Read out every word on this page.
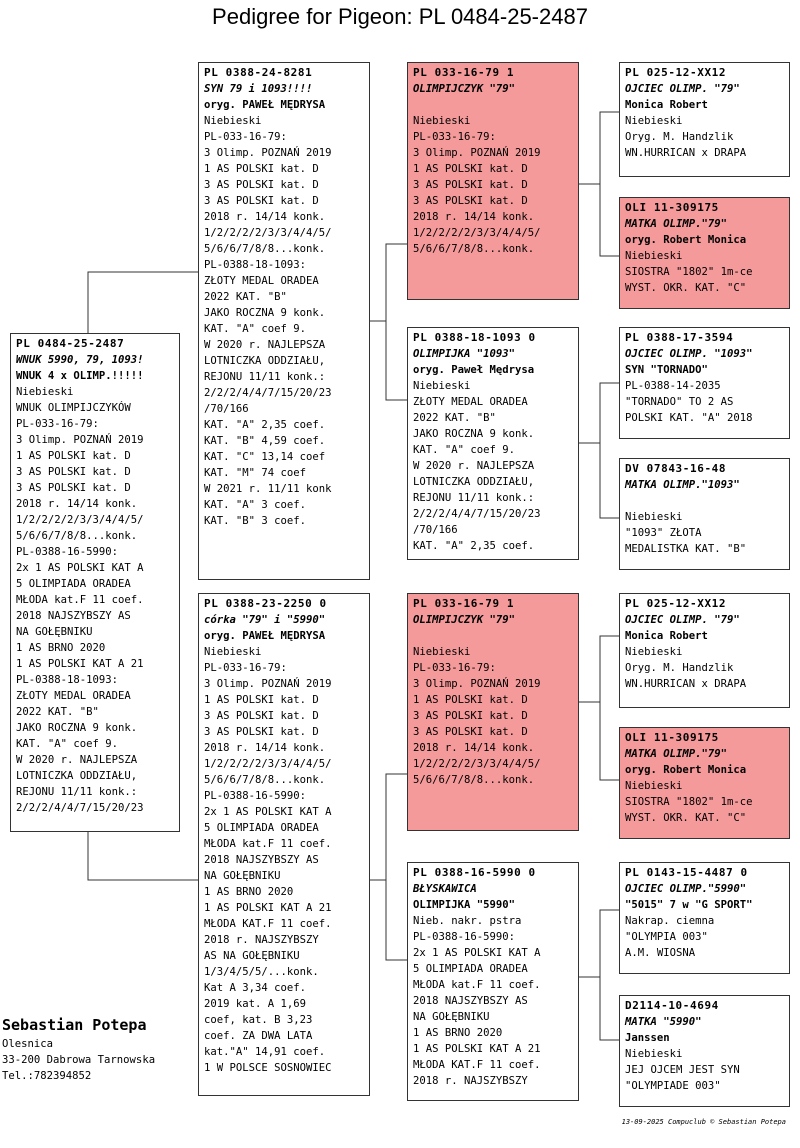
Pedigree for Pigeon: PL 0484-25-2487
PL 0484-25-2487
WNUK 5990, 79, 1093!
WNUK 4 x OLIMP.!!!!!
Niebieski
WNUK OLIMPIJCZYKÓW
PL-033-16-79:
3 Olimp. POZNAŃ 2019
1 AS POLSKI kat. D
3 AS POLSKI kat. D
3 AS POLSKI kat. D
2018 r. 14/14 konk.
1/2/2/2/2/3/3/4/4/5/
5/6/6/7/8/8...konk.
PL-0388-16-5990:
2x 1 AS POLSKI KAT A
5 OLIMPIADA ORADEA
MŁODA kat.F 11 coef.
2018 NAJSZYBSZY AS
NA GOŁĘBNIKU
1 AS BRNO 2020
1 AS POLSKI KAT A 21
PL-0388-18-1093:
ZŁOTY MEDAL ORADEA
2022 KAT. "B"
JAKO ROCZNA 9 konk.
KAT. "A" coef 9.
W 2020 r. NAJLEPSZA
LOTNICZKA ODDZIAŁU,
REJONU 11/11 konk.:
2/2/2/4/4/7/15/20/23
PL 0388-24-8281
SYN 79 i 1093!!!!
oryg. PAWEŁ MĘDRYSA
Niebieski
PL-033-16-79:
3 Olimp. POZNAŃ 2019
1 AS POLSKI kat. D
3 AS POLSKI kat. D
3 AS POLSKI kat. D
2018 r. 14/14 konk.
1/2/2/2/2/3/3/4/4/5/
5/6/6/7/8/8...konk.
PL-0388-18-1093:
ZŁOTY MEDAL ORADEA
2022 KAT. "B"
JAKO ROCZNA 9 konk.
KAT. "A" coef 9.
W 2020 r. NAJLEPSZA
LOTNICZKA ODDZIAŁU,
REJONU 11/11 konk.:
2/2/2/4/4/7/15/20/23
/70/166
KAT. "A" 2,35 coef.
KAT. "B" 4,59 coef.
KAT. "C" 13,14 coef
KAT. "M" 74 coef
W 2021 r. 11/11 konk
KAT. "A" 3 coef.
KAT. "B" 3 coef.
PL 0388-23-2250 0
córka "79" i "5990"
oryg. PAWEŁ MĘDRYSA
Niebieski
PL-033-16-79:
3 Olimp. POZNAŃ 2019
1 AS POLSKI kat. D
3 AS POLSKI kat. D
3 AS POLSKI kat. D
2018 r. 14/14 konk.
1/2/2/2/2/3/3/4/4/5/
5/6/6/7/8/8...konk.
PL-0388-16-5990:
2x 1 AS POLSKI KAT A
5 OLIMPIADA ORADEA
MŁODA kat.F 11 coef.
2018 NAJSZYBSZY AS
NA GOŁĘBNIKU
1 AS BRNO 2020
1 AS POLSKI KAT A 21
MŁODA KAT.F 11 coef.
2018 r. NAJSZYBSZY
AS NA GOŁĘBNIKU
1/3/4/5/5/...konk.
Kat A 3,34 coef.
2019 kat. A 1,69
coef, kat. B 3,23
coef. ZA DWA LATA
kat."A" 14,91 coef.
1 W POLSCE SOSNOWIEC
PL 033-16-79 1
OLIMPIJCZYK "79"

Niebieski
PL-033-16-79:
3 Olimp. POZNAŃ 2019
1 AS POLSKI kat. D
3 AS POLSKI kat. D
3 AS POLSKI kat. D
2018 r. 14/14 konk.
1/2/2/2/2/3/3/4/4/5/
5/6/6/7/8/8...konk.
PL 0388-18-1093 0
OLIMPIJKA "1093"
oryg. Paweł Mędrysa
Niebieski
ZŁOTY MEDAL ORADEA
2022 KAT. "B"
JAKO ROCZNA 9 konk.
KAT. "A" coef 9.
W 2020 r. NAJLEPSZA
LOTNICZKA ODDZIAŁU,
REJONU 11/11 konk.:
2/2/2/4/4/7/15/20/23
/70/166
KAT. "A" 2,35 coef.
PL 033-16-79 1
OLIMPIJCZYK "79"

Niebieski
PL-033-16-79:
3 Olimp. POZNAŃ 2019
1 AS POLSKI kat. D
3 AS POLSKI kat. D
3 AS POLSKI kat. D
2018 r. 14/14 konk.
1/2/2/2/2/3/3/4/4/5/
5/6/6/7/8/8...konk.
PL 0388-16-5990 0
BŁYSKAWICA
OLIMPIJKA "5990"
Nieb. nakr. pstra
PL-0388-16-5990:
2x 1 AS POLSKI KAT A
5 OLIMPIADA ORADEA
MŁODA kat.F 11 coef.
2018 NAJSZYBSZY AS
NA GOŁĘBNIKU
1 AS BRNO 2020
1 AS POLSKI KAT A 21
MŁODA KAT.F 11 coef.
2018 r. NAJSZYBSZY
PL 025-12-XX12
OJCIEC OLIMP. "79"
Monica Robert
Niebieski
Oryg. M. Handzlik
WN.HURRICAN x DRAPA
OLI 11-309175
MATKA OLIMP."79"
oryg. Robert Monica
Niebieski
SIOSTRA "1802" 1m-ce
WYST. OKR. KAT. "C"
PL 0388-17-3594
OJCIEC OLIMP. "1093"
SYN "TORNADO"
PL-0388-14-2035
"TORNADO" TO 2 AS
POLSKI KAT. "A" 2018
DV 07843-16-48
MATKA OLIMP."1093"

Niebieski
"1093" ZŁOTA
MEDALISTKA KAT. "B"
PL 025-12-XX12
OJCIEC OLIMP. "79"
Monica Robert
Niebieski
Oryg. M. Handzlik
WN.HURRICAN x DRAPA
OLI 11-309175
MATKA OLIMP."79"
oryg. Robert Monica
Niebieski
SIOSTRA "1802" 1m-ce
WYST. OKR. KAT. "C"
PL 0143-15-4487 0
OJCIEC OLIMP."5990"
"5015" 7 w "G SPORT"
Nakrap. ciemna
"OLYMPIA 003"
A.M. WIOSNA
D2114-10-4694
MATKA "5990"
Janssen
Niebieski
JEJ OJCEM JEST SYN
"OLYMPIADE 003"
Sebastian Potepa
Olesnica
33-200 Dabrowa Tarnowska
Tel.:782394852
13-09-2025 Compuclub © Sebastian Potepa
